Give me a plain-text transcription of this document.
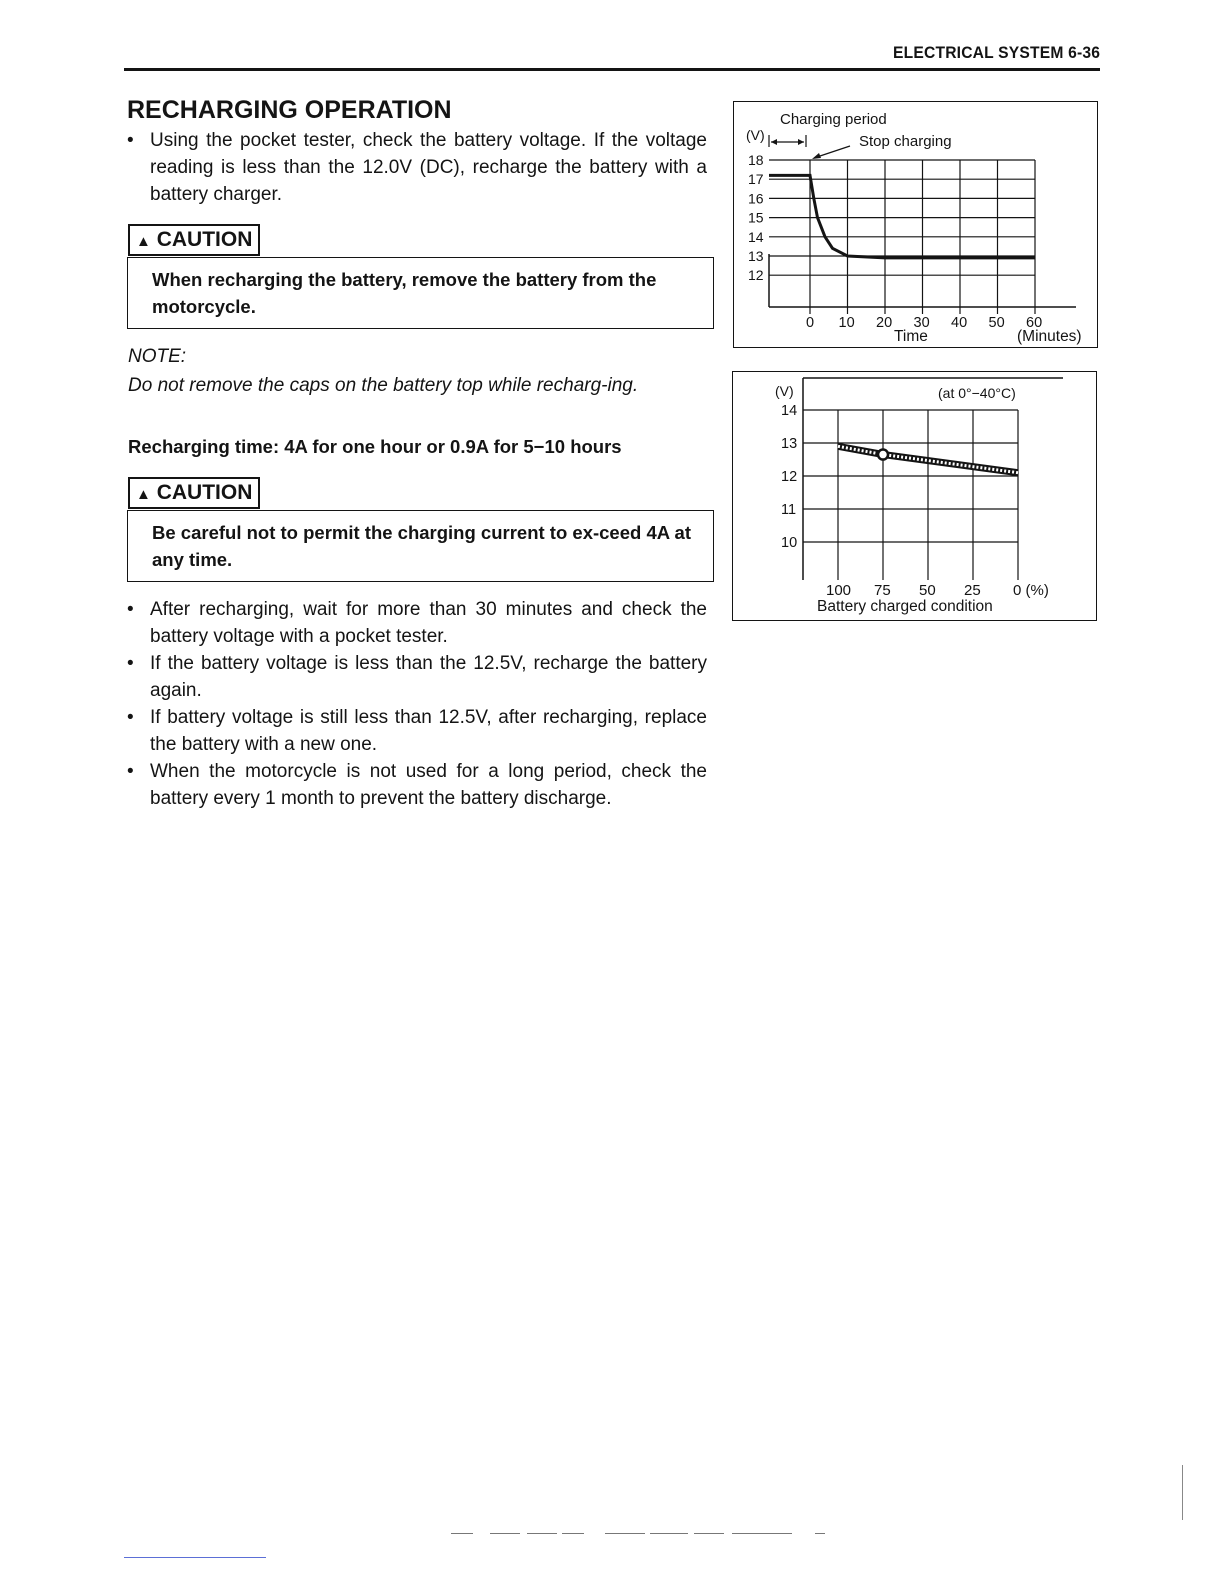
ELECTRICAL SYSTEM 6-36
RECHARGING OPERATION
• Using the pocket tester, check the battery voltage. If the voltage reading is less than the 12.0V (DC), recharge the battery with a battery charger.
▲ CAUTION
When recharging the battery, remove the battery from the motorcycle.
NOTE:
Do not remove the caps on the battery top while recharg-ing.
Recharging time: 4A for one hour or 0.9A for 5−10 hours
▲ CAUTION
Be careful not to permit the charging current to ex-ceed 4A at any time.
• After recharging, wait for more than 30 minutes and check the battery voltage with a pocket tester.
• If the battery voltage is less than the 12.5V, recharge the battery again.
• If battery voltage is still less than 12.5V, after recharging, replace the battery with a new one.
• When the motorcycle is not used for a long period, check the battery every 1 month to prevent the battery discharge.
18
17
16
15
14
13
12
0 10 20 30 40 50 60
Charging period
Stop charging
(V)
Time	(Minutes)
14
13
12
11
10
100 75 50 25 0 (%)
(V)	(at 0°−40°C)
Battery charged condition
